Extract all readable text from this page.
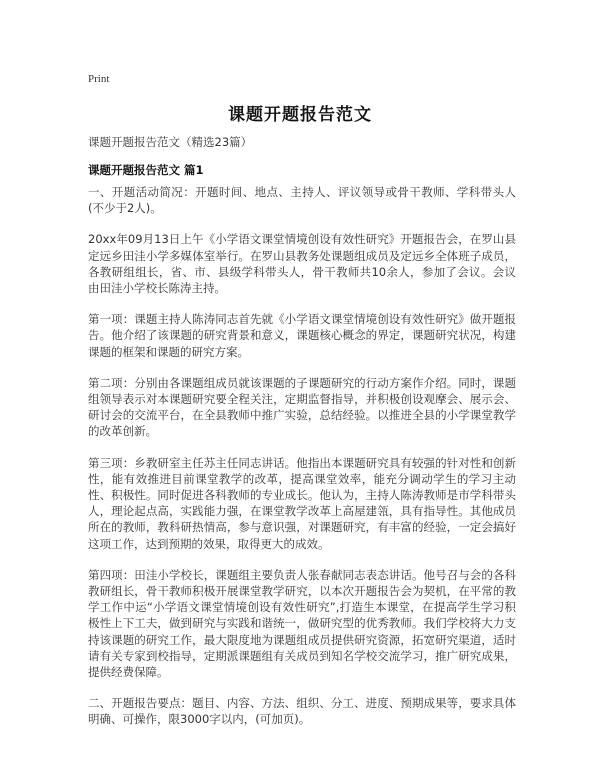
Print
课题开题报告范文
课题开题报告范文（精选23篇）
课题开题报告范文 篇1

一、开题活动简况：开题时间、地点、主持人、评议领导或骨干教师、学科带头人(不少于2人)。

20xx年09月13日上午《小学语文课堂情境创设有效性研究》开题报告会，在罗山县定远乡田洼小学多媒体室举行。在罗山县教务处课题组成员及定远乡全体班子成员，各教研组组长，省、市、县级学科带头人，骨干教师共10余人，参加了会议。会议由田洼小学校长陈涛主持。

第一项：课题主持人陈涛同志首先就《小学语文课堂情境创设有效性研究》做开题报告。他介绍了该课题的研究背景和意义，课题核心概念的界定，课题研究状况，构建课题的框架和课题的研究方案。

第二项：分别由各课题组成员就该课题的子课题研究的行动方案作介绍。同时，课题组领导表示对本课题研究要全程关注，定期监督指导，并积极创设观摩会、展示会、研讨会的交流平台，在全县教师中推广实验，总结经验。以推进全县的小学课堂教学的改革创新。

第三项：乡教研室主任苏主任同志讲话。他指出本课题研究具有较强的针对性和创新性，能有效推进目前课堂教学的改革，提高课堂效率，能充分调动学生的学习主动性、积极性。同时促进各科教师的专业成长。他认为，主持人陈涛教师是市学科带头人，理论起点高，实践能力强，在课堂教学改革上高屋建瓴，具有指导性。其他成员所在的教师，教科研热情高，参与意识强，对课题研究，有丰富的经验，一定会搞好这项工作，达到预期的效果，取得更大的成效。

第四项：田洼小学校长，课题组主要负责人张春献同志表态讲话。他号召与会的各科教研组长，骨干教师积极开展课堂教学研究，以本次开题报告会为契机，在平常的教学工作中运“小学语文课堂情境创设有效性研究”,打造生本课堂，在提高学生学习积极性上下工夫，做到研究与实践和谐统一，做研究型的优秀教师。我们学校将大力支持该课题的研究工作，最大限度地为课题组成员提供研究资源，拓宽研究渠道，适时请有关专家到校指导，定期派课题组有关成员到知名学校交流学习，推广研究成果，提供经费保障。

二、开题报告要点：题目、内容、方法、组织、分工、进度、预期成果等，要求具体明确、可操作，限3000字以内，(可加页)。
